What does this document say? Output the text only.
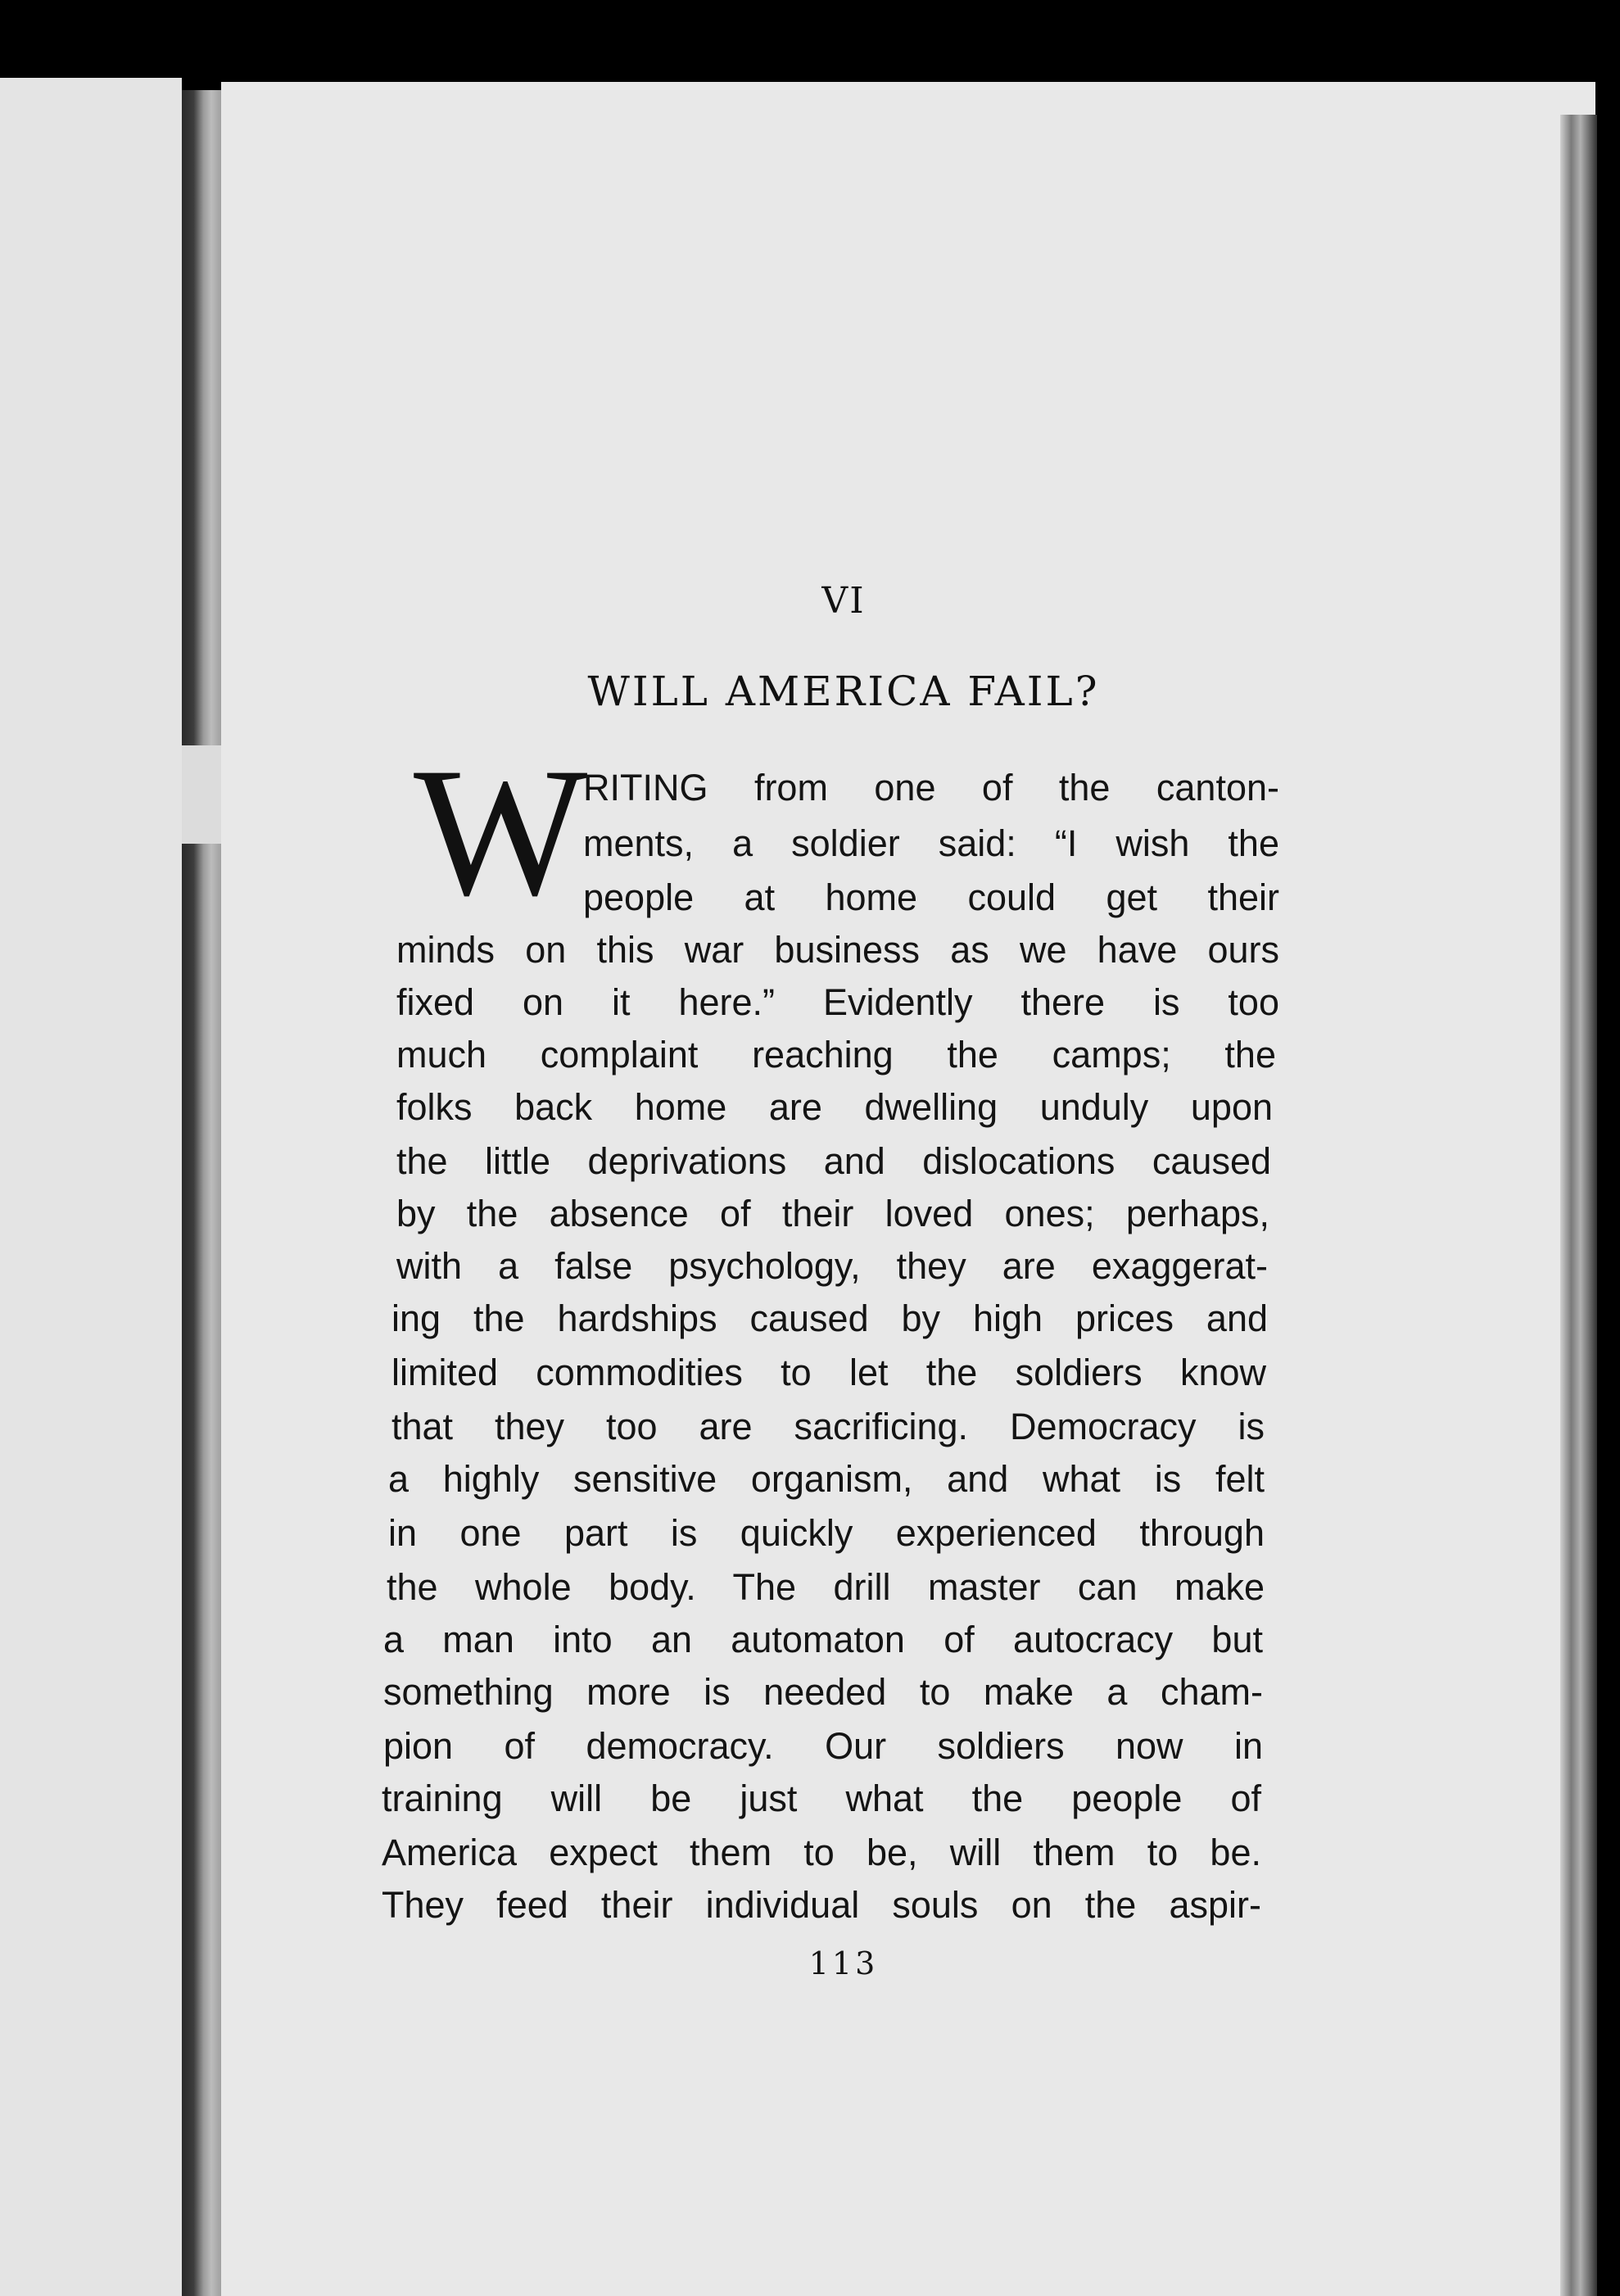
VI
WILL AMERICA FAIL?
W
RITING from one of the canton-
ments, a soldier said: “I wish the
people at home could get their
minds on this war business as we have ours
fixed on it here.” Evidently there is too
much complaint reaching the camps; the
folks back home are dwelling unduly upon
the little deprivations and dislocations caused
by the absence of their loved ones; perhaps,
with a false psychology, they are exaggerat-
ing the hardships caused by high prices and
limited commodities to let the soldiers know
that they too are sacrificing. Democracy is
a highly sensitive organism, and what is felt
in one part is quickly experienced through
the whole body. The drill master can make
a man into an automaton of autocracy but
something more is needed to make a cham-
pion of democracy. Our soldiers now in
training will be just what the people of
America expect them to be, will them to be.
They feed their individual souls on the aspir-
113
